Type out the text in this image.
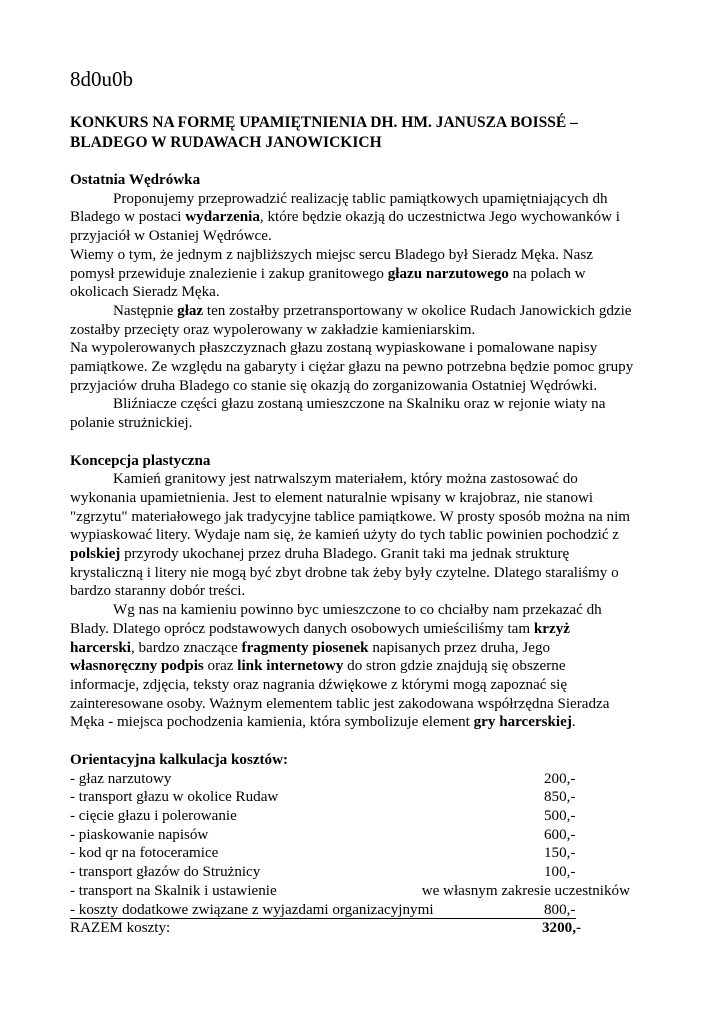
8d0u0b
KONKURS NA FORMĘ UPAMIĘTNIENIA DH. HM. JANUSZA BOISSÉ – BLADEGO W RUDAWACH JANOWICKICH

Ostatnia Wędrówka

Proponujemy przeprowadzić realizację tablic pamiątkowych upamiętniających dh Bladego w postaci wydarzenia, które będzie okazją do uczestnictwa Jego wychowanków i przyjaciół w Ostaniej Wędrówce.

Wiemy o tym, że jednym z najbliższych miejsc sercu Bladego był Sieradz Męka. Nasz pomysł przewiduje znalezienie i zakup granitowego głazu narzutowego na polach w okolicach Sieradz Męka.

Następnie głaz ten zostałby przetransportowany w okolice Rudach Janowickich gdzie zostałby przecięty oraz wypolerowany w zakładzie kamieniarskim.

Na wypolerowanych płaszczyznach głazu zostaną wypiaskowane i pomalowane napisy pamiątkowe. Ze względu na gabaryty i ciężar głazu na pewno potrzebna będzie pomoc grupy przyjaciów druha Bladego co stanie się okazją do zorganizowania Ostatniej Wędrówki.

Bliźniacze części głazu zostaną umieszczone na Skalniku oraz w rejonie wiaty na polanie strużnickiej.

Koncepcja plastyczna

Kamień granitowy jest natrwalszym materiałem, który można zastosować do wykonania upamietnienia. Jest to element naturalnie wpisany w krajobraz, nie stanowi "zgrzytu" materiałowego jak tradycyjne tablice pamiątkowe. W prosty sposób można na nim wypiaskować litery. Wydaje nam się, że kamień użyty do tych tablic powinien pochodzić z polskiej przyrody ukochanej przez druha Bladego. Granit taki ma jednak strukturę krystaliczną i litery nie mogą być zbyt drobne tak żeby były czytelne. Dlatego staraliśmy o bardzo staranny dobór treści.

Wg nas na kamieniu powinno byc umieszczone to co chciałby nam przekazać dh Blady. Dlatego oprócz podstawowych danych osobowych umieściliśmy tam krzyż harcerski, bardzo znaczące fragmenty piosenek napisanych przez druha, Jego własnoręczny podpis oraz link internetowy do stron gdzie znajdują się obszerne informacje, zdjęcia, teksty oraz nagrania dźwiękowe z którymi mogą zapoznać się zainteresowane osoby. Ważnym elementem tablic jest zakodowana współrzędna Sieradza Męka - miejsca pochodzenia kamienia, która symbolizuje element gry harcerskiej.

Orientacyjna kalkulacja kosztów:
- głaz narzutowy	200,-
- transport głazu w okolice Rudaw	850,-
- cięcie głazu i polerowanie	500,-
- piaskowanie napisów	600,-
- kod qr na fotoceramice	150,-
- transport głazów do Strużnicy	100,-
- transport na Skalnik i ustawienie	we własnym zakresie uczestników
- koszty dodatkowe związane z wyjazdami organizacyjnymi	800,-
RAZEM koszty:	3200,-
